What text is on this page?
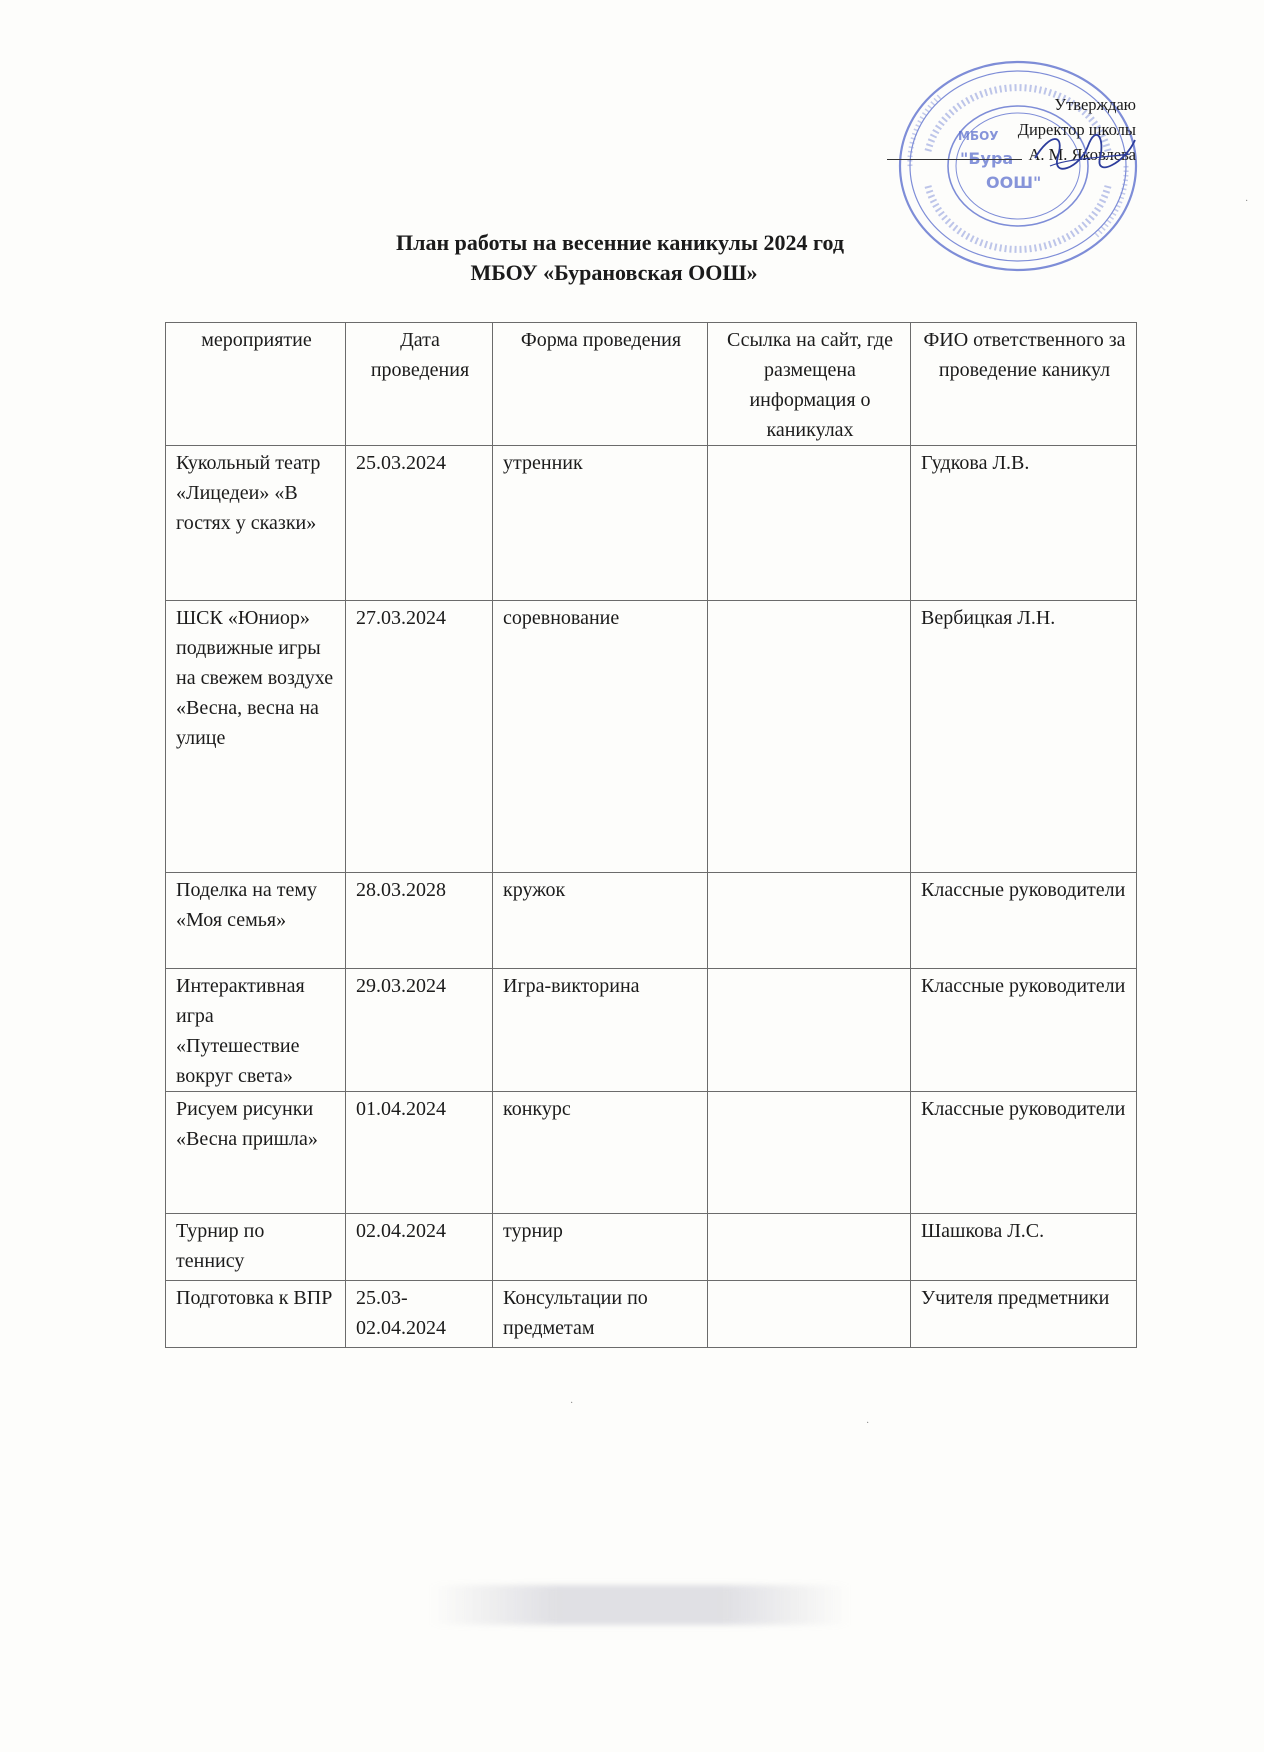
"Бура
ООШ"
МБОУ
Утверждаю
Директор школы
А. М. Яковлева
План работы на весенние каникулы 2024 год
МБОУ «Бурановская ООШ»
мероприятие	Дата проведения	Форма проведения	Ссылка на сайт, где размещена информация о каникулах	ФИО ответственного за проведение каникул
Кукольный театр «Лицедеи» «В гостях у сказки»	25.03.2024	утренник		Гудкова Л.В.
ШСК «Юниор» подвижные игры на свежем воздухе «Весна, весна на улице	27.03.2024	соревнование		Вербицкая Л.Н.
Поделка на тему «Моя семья»	28.03.2028	кружок		Классные руководители
Интерактивная игра «Путешествие вокруг света»	29.03.2024	Игра-викторина		Классные руководители
Рисуем рисунки «Весна пришла»	01.04.2024	конкурс		Классные руководители
Турнир по теннису	02.04.2024	турнир		Шашкова Л.С.
Подготовка к ВПР	25.03-02.04.2024	Консультации по предметам		Учителя предметники
·
·
·
